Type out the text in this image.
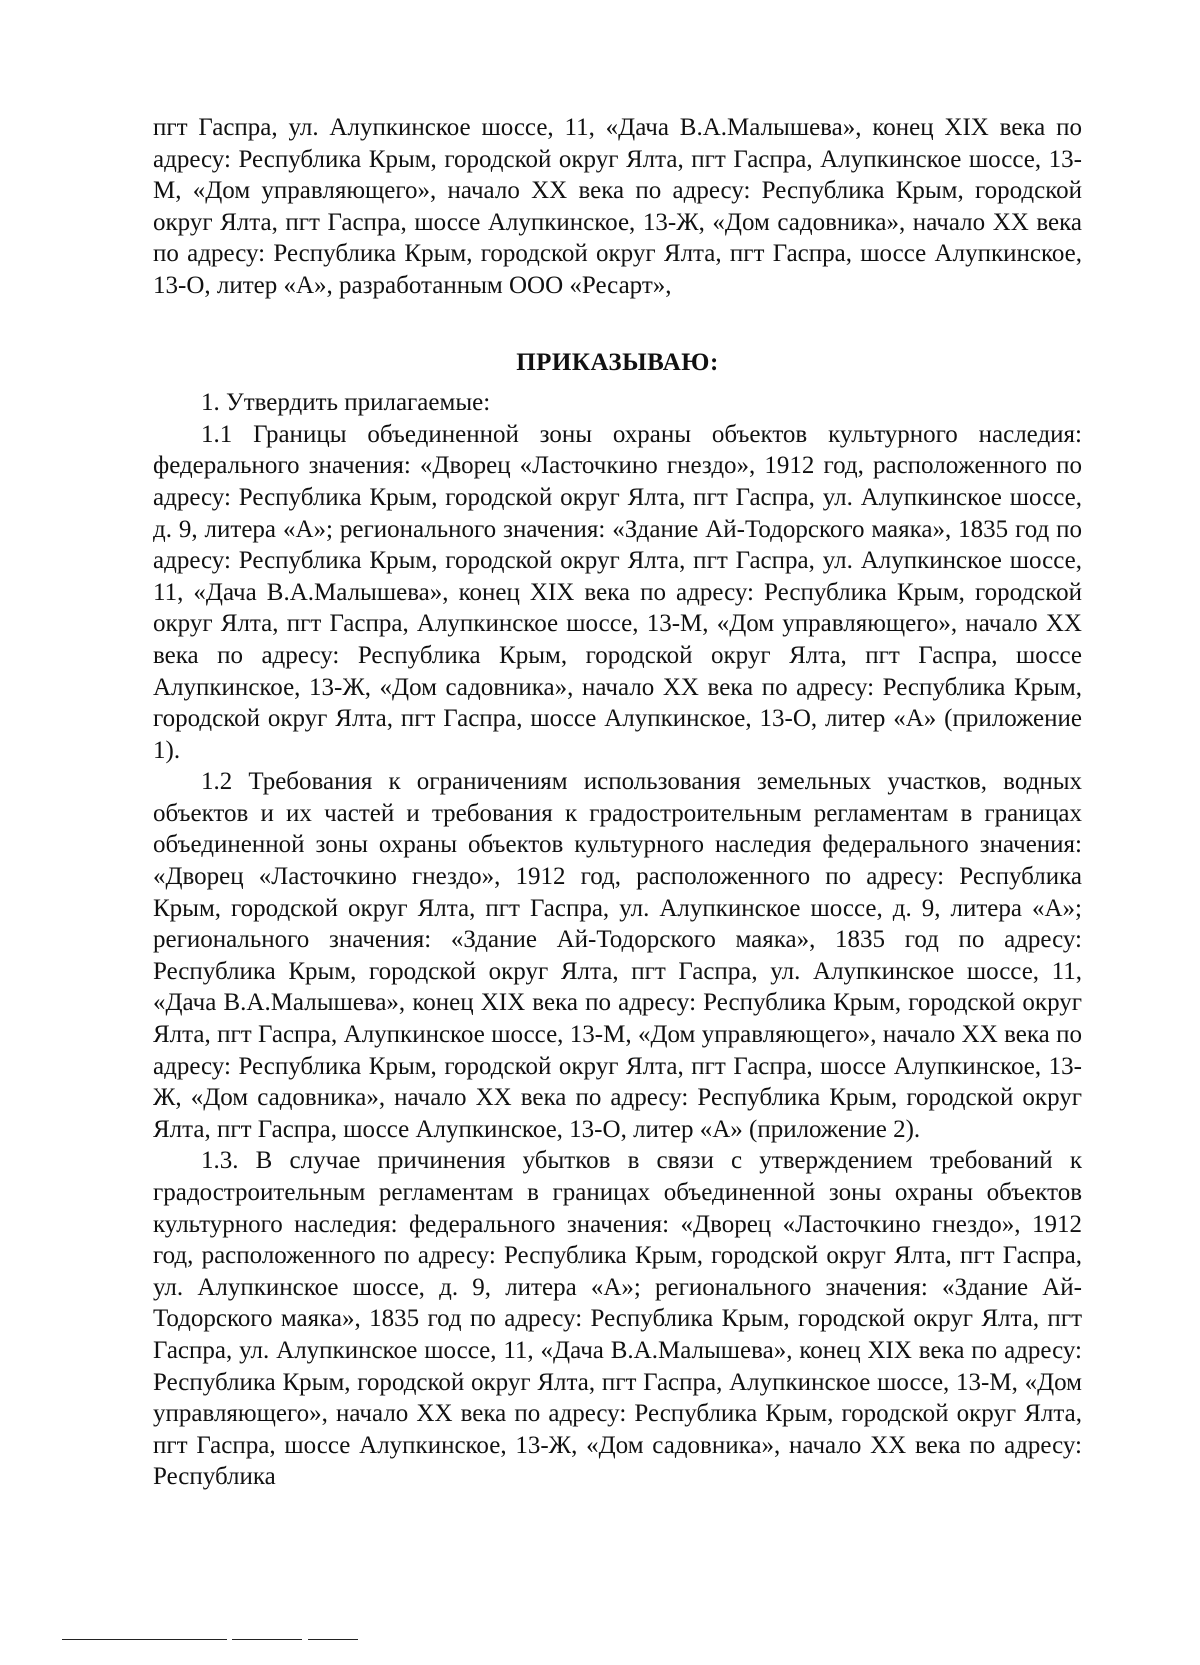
пгт Гаспра, ул. Алупкинское шоссе, 11, «Дача В.А.Малышева», конец XIX века по адресу: Республика Крым, городской округ Ялта, пгт Гаспра, Алупкинское шоссе, 13-М, «Дом управляющего», начало XX века по адресу: Республика Крым, городской округ Ялта, пгт Гаспра, шоссе Алупкинское, 13-Ж, «Дом садовника», начало XX века по адресу: Республика Крым, городской округ Ялта, пгт Гаспра, шоссе Алупкинское, 13-О, литер «А», разработанным ООО «Ресарт»,

ПРИКАЗЫВАЮ:

1. Утвердить прилагаемые:

1.1 Границы объединенной зоны охраны объектов культурного наследия: федерального значения: «Дворец «Ласточкино гнездо», 1912 год, расположенного по адресу: Республика Крым, городской округ Ялта, пгт Гаспра, ул. Алупкинское шоссе, д. 9, литера «А»; регионального значения: «Здание Ай-Тодорского маяка», 1835 год по адресу: Республика Крым, городской округ Ялта, пгт Гаспра, ул. Алупкинское шоссе, 11, «Дача В.А.Малышева», конец XIX века по адресу: Республика Крым, городской округ Ялта, пгт Гаспра, Алупкинское шоссе, 13-М, «Дом управляющего», начало XX века по адресу: Республика Крым, городской округ Ялта, пгт Гаспра, шоссе Алупкинское, 13-Ж, «Дом садовника», начало XX века по адресу: Республика Крым, городской округ Ялта, пгт Гаспра, шоссе Алупкинское, 13-О, литер «А» (приложение 1).

1.2 Требования к ограничениям использования земельных участков, водных объектов и их частей и требования к градостроительным регламентам в границах объединенной зоны охраны объектов культурного наследия федерального значения: «Дворец «Ласточкино гнездо», 1912 год, расположенного по адресу: Республика Крым, городской округ Ялта, пгт Гаспра, ул. Алупкинское шоссе, д. 9, литера «А»; регионального значения: «Здание Ай-Тодорского маяка», 1835 год по адресу: Республика Крым, городской округ Ялта, пгт Гаспра, ул. Алупкинское шоссе, 11, «Дача В.А.Малышева», конец XIX века по адресу: Республика Крым, городской округ Ялта, пгт Гаспра, Алупкинское шоссе, 13-М, «Дом управляющего», начало XX века по адресу: Республика Крым, городской округ Ялта, пгт Гаспра, шоссе Алупкинское, 13-Ж, «Дом садовника», начало XX века по адресу: Республика Крым, городской округ Ялта, пгт Гаспра, шоссе Алупкинское, 13-О, литер «А» (приложение 2).

1.3. В случае причинения убытков в связи с утверждением требований к градостроительным регламентам в границах объединенной зоны охраны объектов культурного наследия: федерального значения: «Дворец «Ласточкино гнездо», 1912 год, расположенного по адресу: Республика Крым, городской округ Ялта, пгт Гаспра, ул. Алупкинское шоссе, д. 9, литера «А»; регионального значения: «Здание Ай-Тодорского маяка», 1835 год по адресу: Республика Крым, городской округ Ялта, пгт Гаспра, ул. Алупкинское шоссе, 11, «Дача В.А.Малышева», конец XIX века по адресу: Республика Крым, городской округ Ялта, пгт Гаспра, Алупкинское шоссе, 13-М, «Дом управляющего», начало XX века по адресу: Республика Крым, городской округ Ялта, пгт Гаспра, шоссе Алупкинское, 13-Ж, «Дом садовника», начало XX века по адресу: Республика
